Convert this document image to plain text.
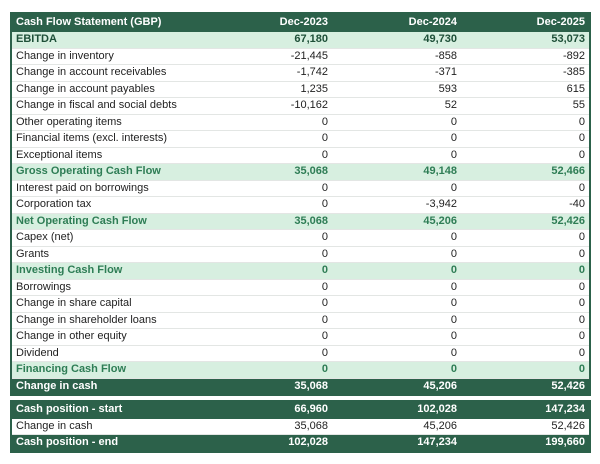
Cash Flow Statement (GBP)	Dec-2023	Dec-2024	Dec-2025
EBITDA	67,180	49,730	53,073
Change in inventory	-21,445	-858	-892
Change in account receivables	-1,742	-371	-385
Change in account payables	1,235	593	615
Change in fiscal and social debts	-10,162	52	55
Other operating items	0	0	0
Financial items (excl. interests)	0	0	0
Exceptional items	0	0	0
Gross Operating Cash Flow	35,068	49,148	52,466
Interest paid on borrowings	0	0	0
Corporation tax	0	-3,942	-40
Net Operating Cash Flow	35,068	45,206	52,426
Capex (net)	0	0	0
Grants	0	0	0
Investing Cash Flow	0	0	0
Borrowings	0	0	0
Change in share capital	0	0	0
Change in shareholder loans	0	0	0
Change in other equity	0	0	0
Dividend	0	0	0
Financing Cash Flow	0	0	0
Change in cash	35,068	45,206	52,426
Cash position - start	66,960	102,028	147,234
Change in cash	35,068	45,206	52,426
Cash position - end	102,028	147,234	199,660
